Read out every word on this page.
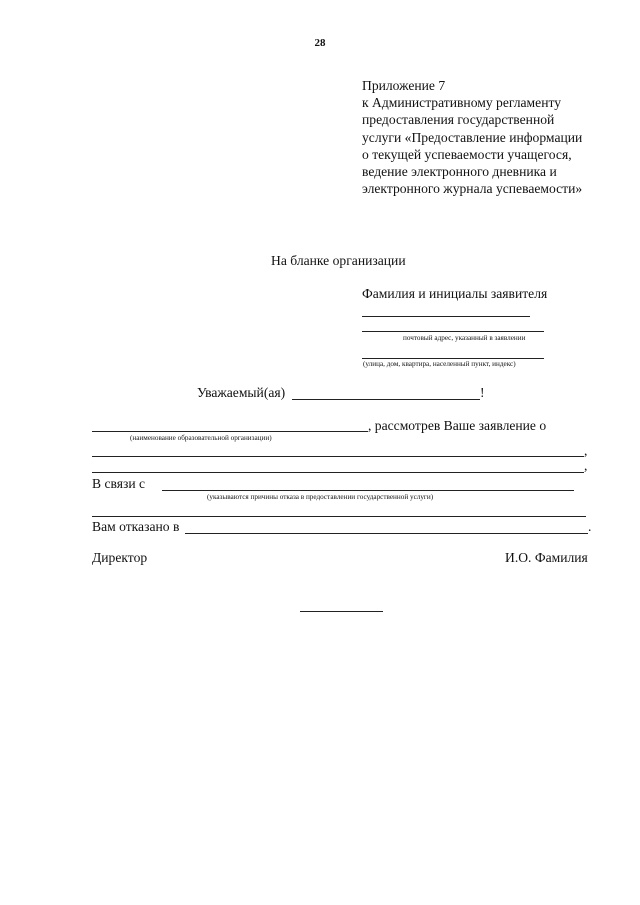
28
Приложение 7
к Административному регламенту
предоставления государственной
услуги «Предоставление информации
о текущей успеваемости учащегося,
ведение электронного дневника и
электронного журнала успеваемости»
На бланке организации
Фамилия и инициалы заявителя
почтовый адрес, указанный в заявлении
(улица, дом, квартира, населенный пункт, индекс)
Уважаемый(ая)	!
, рассмотрев Ваше заявление о
(наименование образовательной организации)
,
,
В связи с
(указываются причины отказа в предоставлении государственной услуги)
Вам отказано в	.
Директор	И.О. Фамилия
